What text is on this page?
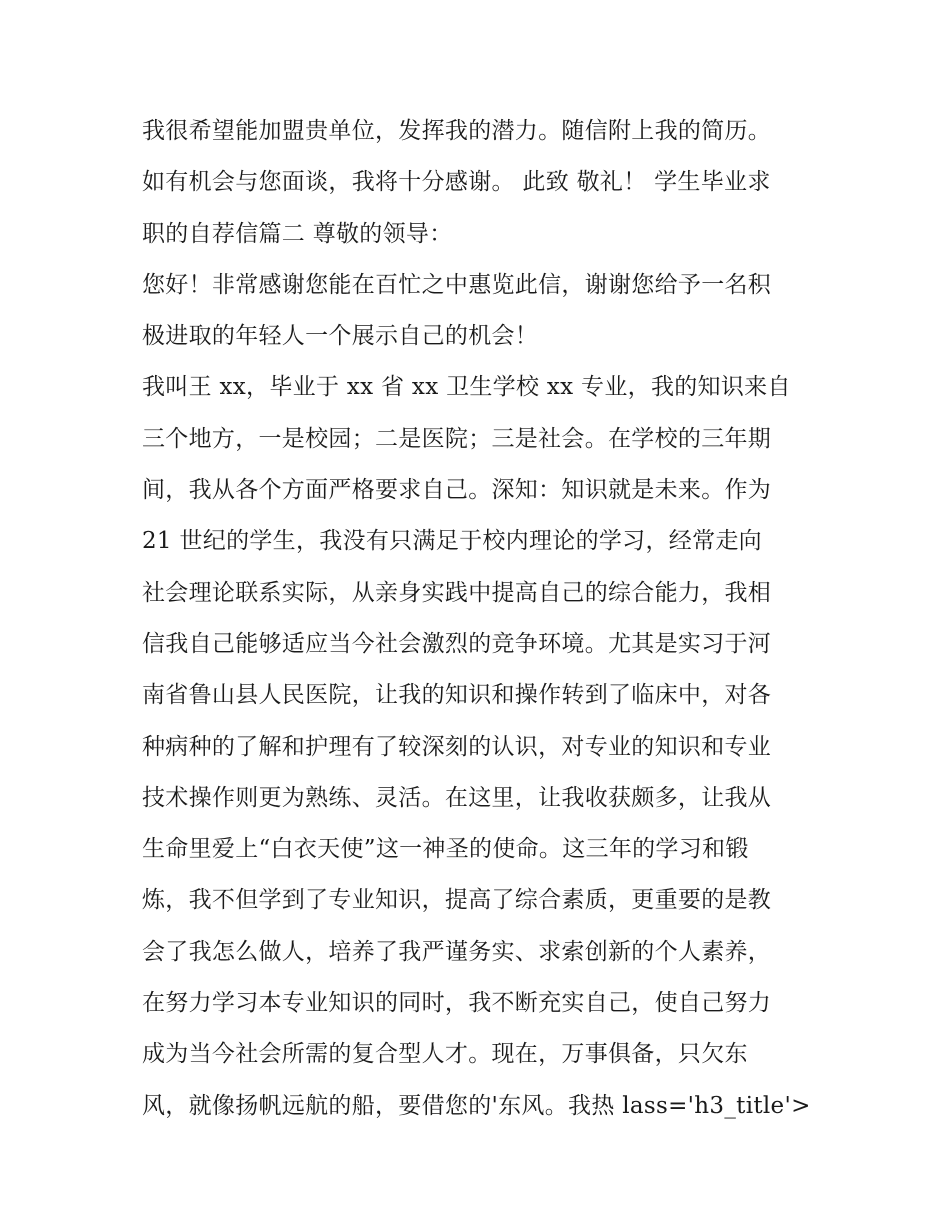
我很希望能加盟贵单位，发挥我的潜力。随信附上我的简历。
如有机会与您面谈，我将十分感谢。 此致 敬礼！ 学生毕业求
职的自荐信篇二 尊敬的领导：
您好！非常感谢您能在百忙之中惠览此信，谢谢您给予一名积
极进取的年轻人一个展示自己的机会！
我叫王 xx，毕业于 xx 省 xx 卫生学校 xx 专业，我的知识来自
三个地方，一是校园；二是医院；三是社会。在学校的三年期
间，我从各个方面严格要求自己。深知：知识就是未来。作为
21 世纪的学生，我没有只满足于校内理论的学习，经常走向
社会理论联系实际，从亲身实践中提高自己的综合能力，我相
信我自己能够适应当今社会激烈的竞争环境。尤其是实习于河
南省鲁山县人民医院，让我的知识和操作转到了临床中，对各
种病种的了解和护理有了较深刻的认识，对专业的知识和专业
技术操作则更为熟练、灵活。在这里，让我收获颇多，让我从
生命里爱上“白衣天使”这一神圣的使命。这三年的学习和锻
炼，我不但学到了专业知识，提高了综合素质，更重要的是教
会了我怎么做人，培养了我严谨务实、求索创新的个人素养，
在努力学习本专业知识的同时，我不断充实自己，使自己努力
成为当今社会所需的复合型人才。现在，万事俱备，只欠东
风，就像扬帆远航的船，要借您的'东风。我热 lass='h3_title'>
